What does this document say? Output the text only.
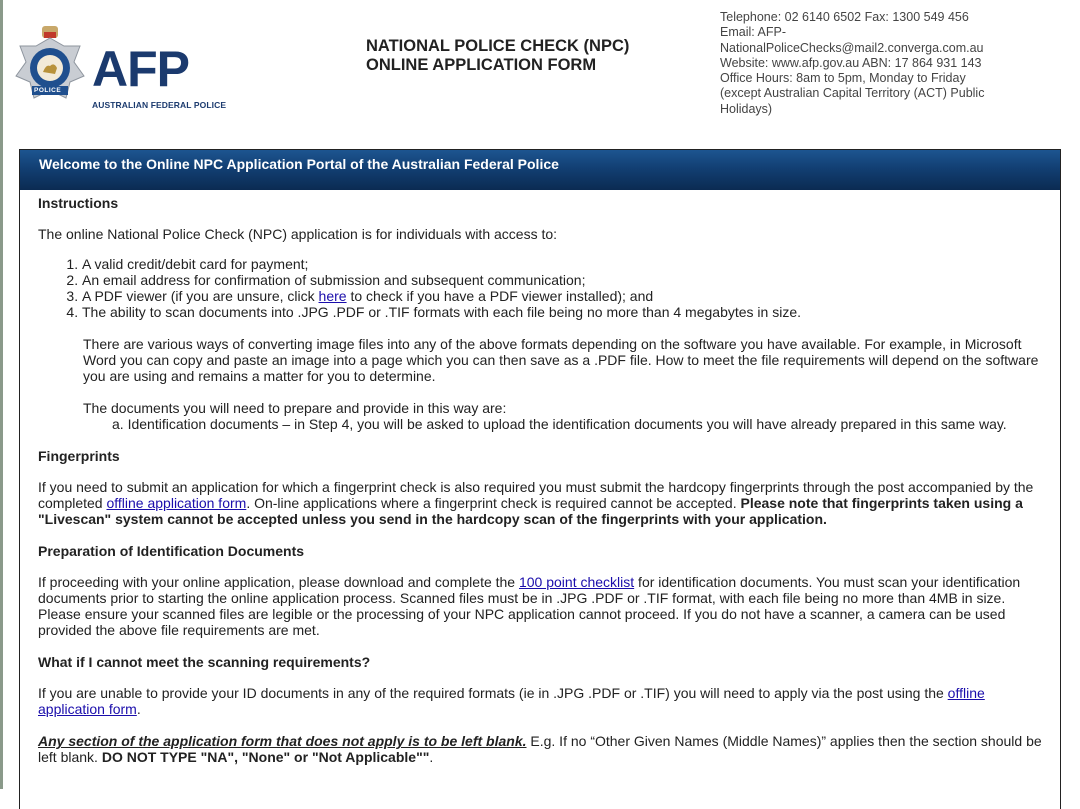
POLICE AFP
AUSTRALIAN FEDERAL POLICE
NATIONAL POLICE CHECK (NPC)
ONLINE APPLICATION FORM
Telephone: 02 6140 6502 Fax: 1300 549 456
Email: AFP-
NationalPoliceChecks@mail2.converga.com.au
Website: www.afp.gov.au ABN: 17 864 931 143
Office Hours: 8am to 5pm, Monday to Friday
(except Australian Capital Territory (ACT) Public
Holidays)
Welcome to the Online NPC Application Portal of the Australian Federal Police
Instructions

The online National Police Check (NPC) application is for individuals with access to:

1. A valid credit/debit card for payment;
2. An email address for confirmation of submission and subsequent communication;
3. A PDF viewer (if you are unsure, click here to check if you have a PDF viewer installed); and
4. The ability to scan documents into .JPG .PDF or .TIF formats with each file being no more than 4 megabytes in size.

There are various ways of converting image files into any of the above formats depending on the software you have available. For example, in Microsoft Word you can copy and paste an image into a page which you can then save as a .PDF file. How to meet the file requirements will depend on the software you are using and remains a matter for you to determine.

The documents you will need to prepare and provide in this way are:

a. Identification documents – in Step 4, you will be asked to upload the identification documents you will have already prepared in this same way.

Fingerprints

If you need to submit an application for which a fingerprint check is also required you must submit the hardcopy fingerprints through the post accompanied by the completed offline application form. On-line applications where a fingerprint check is required cannot be accepted. Please note that fingerprints taken using a "Livescan" system cannot be accepted unless you send in the hardcopy scan of the fingerprints with your application.

Preparation of Identification Documents

If proceeding with your online application, please download and complete the 100 point checklist for identification documents. You must scan your identification documents prior to starting the online application process. Scanned files must be in .JPG .PDF or .TIF format, with each file being no more than 4MB in size. Please ensure your scanned files are legible or the processing of your NPC application cannot proceed. If you do not have a scanner, a camera can be used provided the above file requirements are met.

What if I cannot meet the scanning requirements?

If you are unable to provide your ID documents in any of the required formats (ie in .JPG .PDF or .TIF) you will need to apply via the post using the offline application form.

Any section of the application form that does not apply is to be left blank. E.g. If no “Other Given Names (Middle Names)” applies then the section should be left blank. DO NOT TYPE "NA", "None" or "Not Applicable"".
